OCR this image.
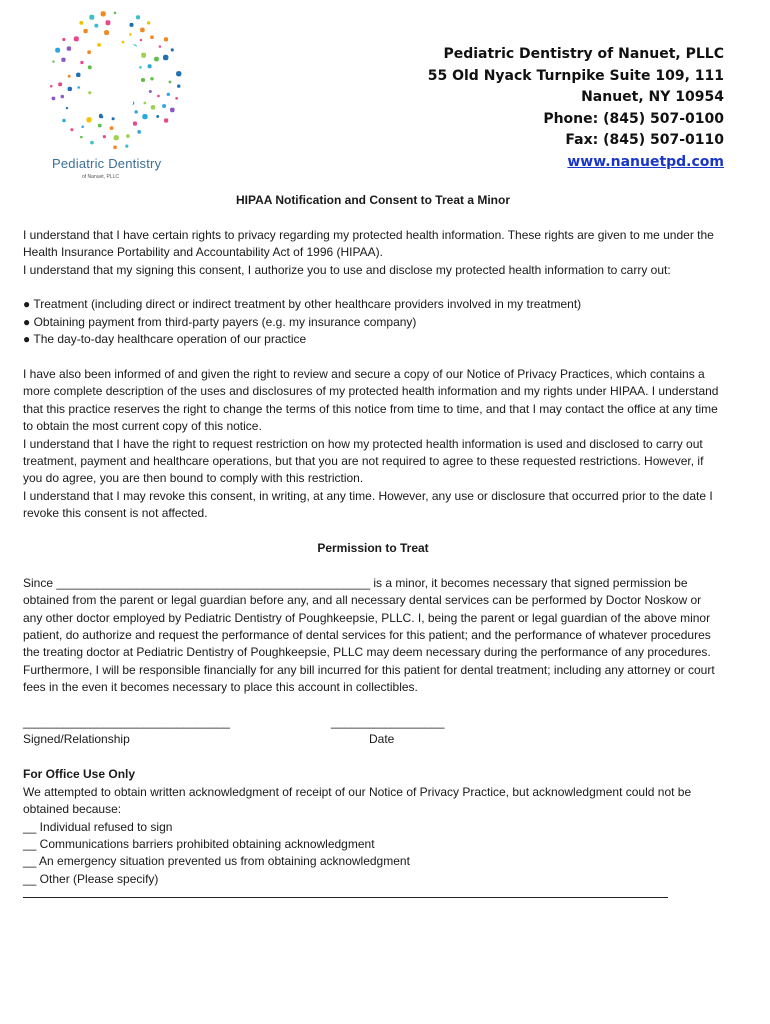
Pediatric Dentistry
of Nanuet, PLLC
Pediatric Dentistry of Nanuet, PLLC
55 Old Nyack Turnpike Suite 109, 111
Nanuet, NY 10954
Phone: (845) 507-0100
Fax: (845) 507-0110
www.nanuetpd.com

HIPAA Notification and Consent to Treat a Minor

I understand that I have certain rights to privacy regarding my protected health information. These rights are given to me under the Health Insurance Portability and Accountability Act of 1996 (HIPAA).

I understand that my signing this consent, I authorize you to use and disclose my protected health information to carry out:

● Treatment (including direct or indirect treatment by other healthcare providers involved in my treatment)
● Obtaining payment from third-party payers (e.g. my insurance company)
● The day-to-day healthcare operation of our practice

I have also been informed of and given the right to review and secure a copy of our Notice of Privacy Practices, which contains a more complete description of the uses and disclosures of my protected health information and my rights under HIPAA. I understand that this practice reserves the right to change the terms of this notice from time to time, and that I may contact the office at any time to obtain the most current copy of this notice.

I understand that I have the right to request restriction on how my protected health information is used and disclosed to carry out treatment, payment and healthcare operations, but that you are not required to agree to these requested restrictions. However, if you do agree, you are then bound to comply with this restriction.

I understand that I may revoke this consent, in writing, at any time. However, any use or disclosure that occurred prior to the date I revoke this consent is not affected.

Permission to Treat

Since _______________________________________________ is a minor, it becomes necessary that signed permission be obtained from the parent or legal guardian before any, and all necessary dental services can be performed by Doctor Noskow or any other doctor employed by Pediatric Dentistry of Poughkeepsie, PLLC. I, being the parent or legal guardian of the above minor patient, do authorize and request the performance of dental services for this patient; and the performance of whatever procedures the treating doctor at Pediatric Dentistry of Poughkeepsie, PLLC may deem necessary during the performance of any procedures. Furthermore, I will be responsible financially for any bill incurred for this patient for dental treatment; including any attorney or court fees in the even it becomes necessary to place this account in collectibles.

_______________________________	_________________
Signed/Relationship	Date

For Office Use Only

We attempted to obtain written acknowledgment of receipt of our Notice of Privacy Practice, but acknowledgment could not be obtained because:

__ Individual refused to sign

__ Communications barriers prohibited obtaining acknowledgment

__ An emergency situation prevented us from obtaining acknowledgment

__ Other (Please specify)
